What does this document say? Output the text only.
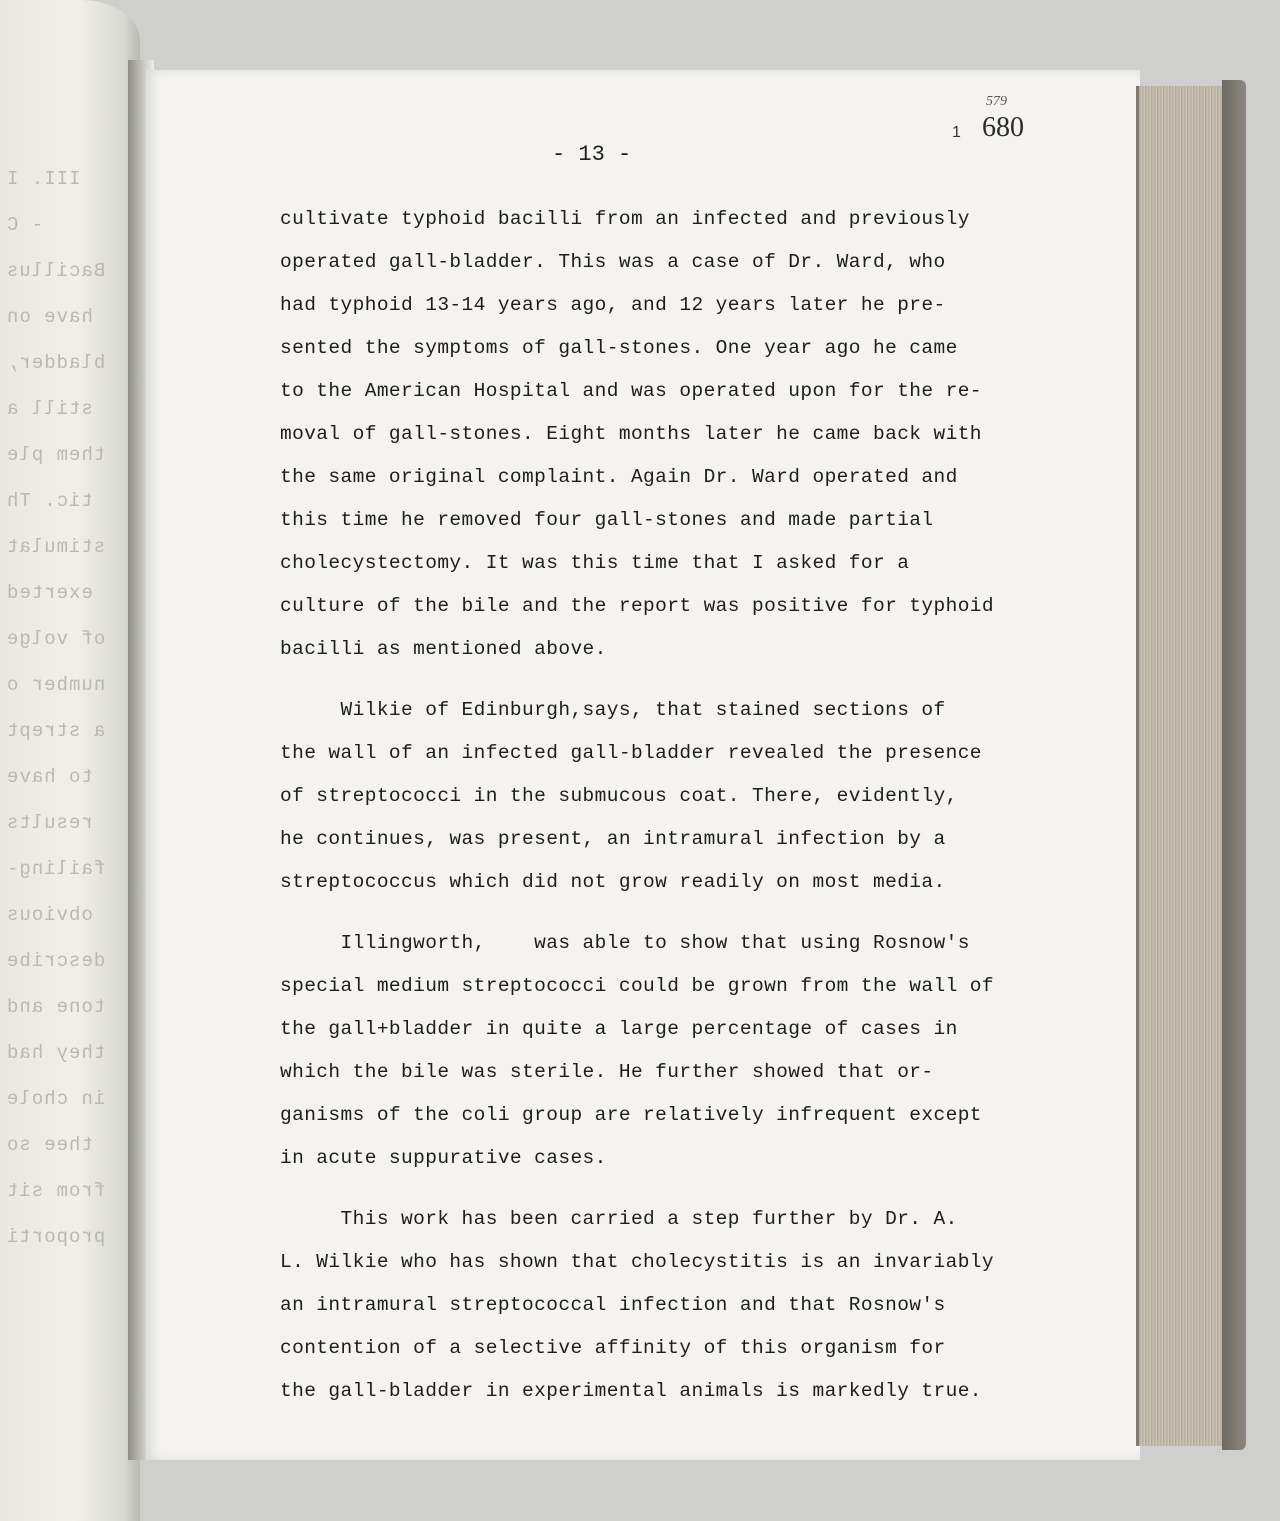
III. I
- C
Bacillus
have on
bladder,
still a
them ple
tic. Th
stimulat
exerted
of volge
number o
a strept
to have
results
failing-
obvious
describe
tone and
they had
in chole
thee so
from sit
proporti
- 13 -
579
1 680
cultivate typhoid bacilli from an infected and previously
operated gall-bladder. This was a case of Dr. Ward, who
had typhoid 13-14 years ago, and 12 years later he pre-
sented the symptoms of gall-stones. One year ago he came
to the American Hospital and was operated upon for the re-
moval of gall-stones. Eight months later he came back with
the same original complaint. Again Dr. Ward operated and
this time he removed four gall-stones and made partial
cholecystectomy. It was this time that I asked for a
culture of the bile and the report was positive for typhoid
bacilli as mentioned above.
Wilkie of Edinburgh,says, that stained sections of
the wall of an infected gall-bladder revealed the presence
of streptococci in the submucous coat. There, evidently,
he continues, was present, an intramural infection by a
streptococcus which did not grow readily on most media.
Illingworth,    was able to show that using Rosnow's
special medium streptococci could be grown from the wall of
the gall+bladder in quite a large percentage of cases in
which the bile was sterile. He further showed that or-
ganisms of the coli group are relatively infrequent except
in acute suppurative cases.
This work has been carried a step further by Dr. A.
L. Wilkie who has shown that cholecystitis is an invariably
an intramural streptococcal infection and that Rosnow's
contention of a selective affinity of this organism for
the gall-bladder in experimental animals is markedly true.
